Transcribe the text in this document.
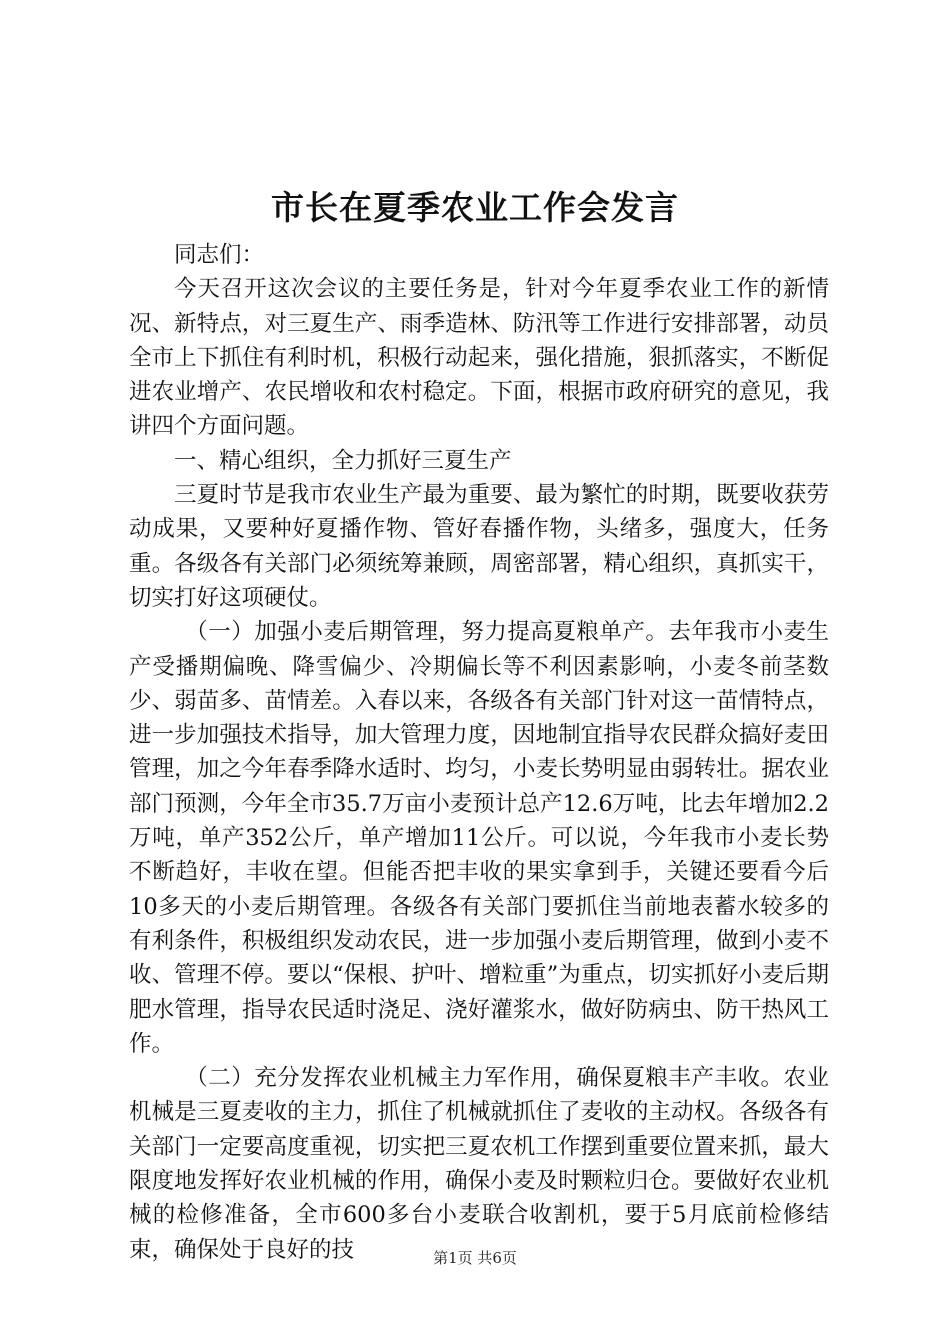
市长在夏季农业工作会发言

同志们：

今天召开这次会议的主要任务是，针对今年夏季农业工作的新情况、新特点，对三夏生产、雨季造林、防汛等工作进行安排部署，动员全市上下抓住有利时机，积极行动起来，强化措施，狠抓落实，不断促进农业增产、农民增收和农村稳定。下面，根据市政府研究的意见，我讲四个方面问题。

一、精心组织，全力抓好三夏生产

三夏时节是我市农业生产最为重要、最为繁忙的时期，既要收获劳动成果，又要种好夏播作物、管好春播作物，头绪多，强度大，任务重。各级各有关部门必须统筹兼顾，周密部署，精心组织，真抓实干，切实打好这项硬仗。

（一）加强小麦后期管理，努力提高夏粮单产。去年我市小麦生产受播期偏晚、降雪偏少、冷期偏长等不利因素影响，小麦冬前茎数少、弱苗多、苗情差。入春以来，各级各有关部门针对这一苗情特点，进一步加强技术指导，加大管理力度，因地制宜指导农民群众搞好麦田管理，加之今年春季降水适时、均匀，小麦长势明显由弱转壮。据农业部门预测，今年全市35.7万亩小麦预计总产12.6万吨，比去年增加2.2万吨，单产352公斤，单产增加11公斤。可以说，今年我市小麦长势不断趋好，丰收在望。但能否把丰收的果实拿到手，关键还要看今后10多天的小麦后期管理。各级各有关部门要抓住当前地表蓄水较多的有利条件，积极组织发动农民，进一步加强小麦后期管理，做到小麦不收、管理不停。要以“保根、护叶、增粒重”为重点，切实抓好小麦后期肥水管理，指导农民适时浇足、浇好灌浆水，做好防病虫、防干热风工作。

（二）充分发挥农业机械主力军作用，确保夏粮丰产丰收。农业机械是三夏麦收的主力，抓住了机械就抓住了麦收的主动权。各级各有关部门一定要高度重视，切实把三夏农机工作摆到重要位置来抓，最大限度地发挥好农业机械的作用，确保小麦及时颗粒归仓。要做好农业机械的检修准备，全市600多台小麦联合收割机，要于5月底前检修结束，确保处于良好的技	第1页 共6页
